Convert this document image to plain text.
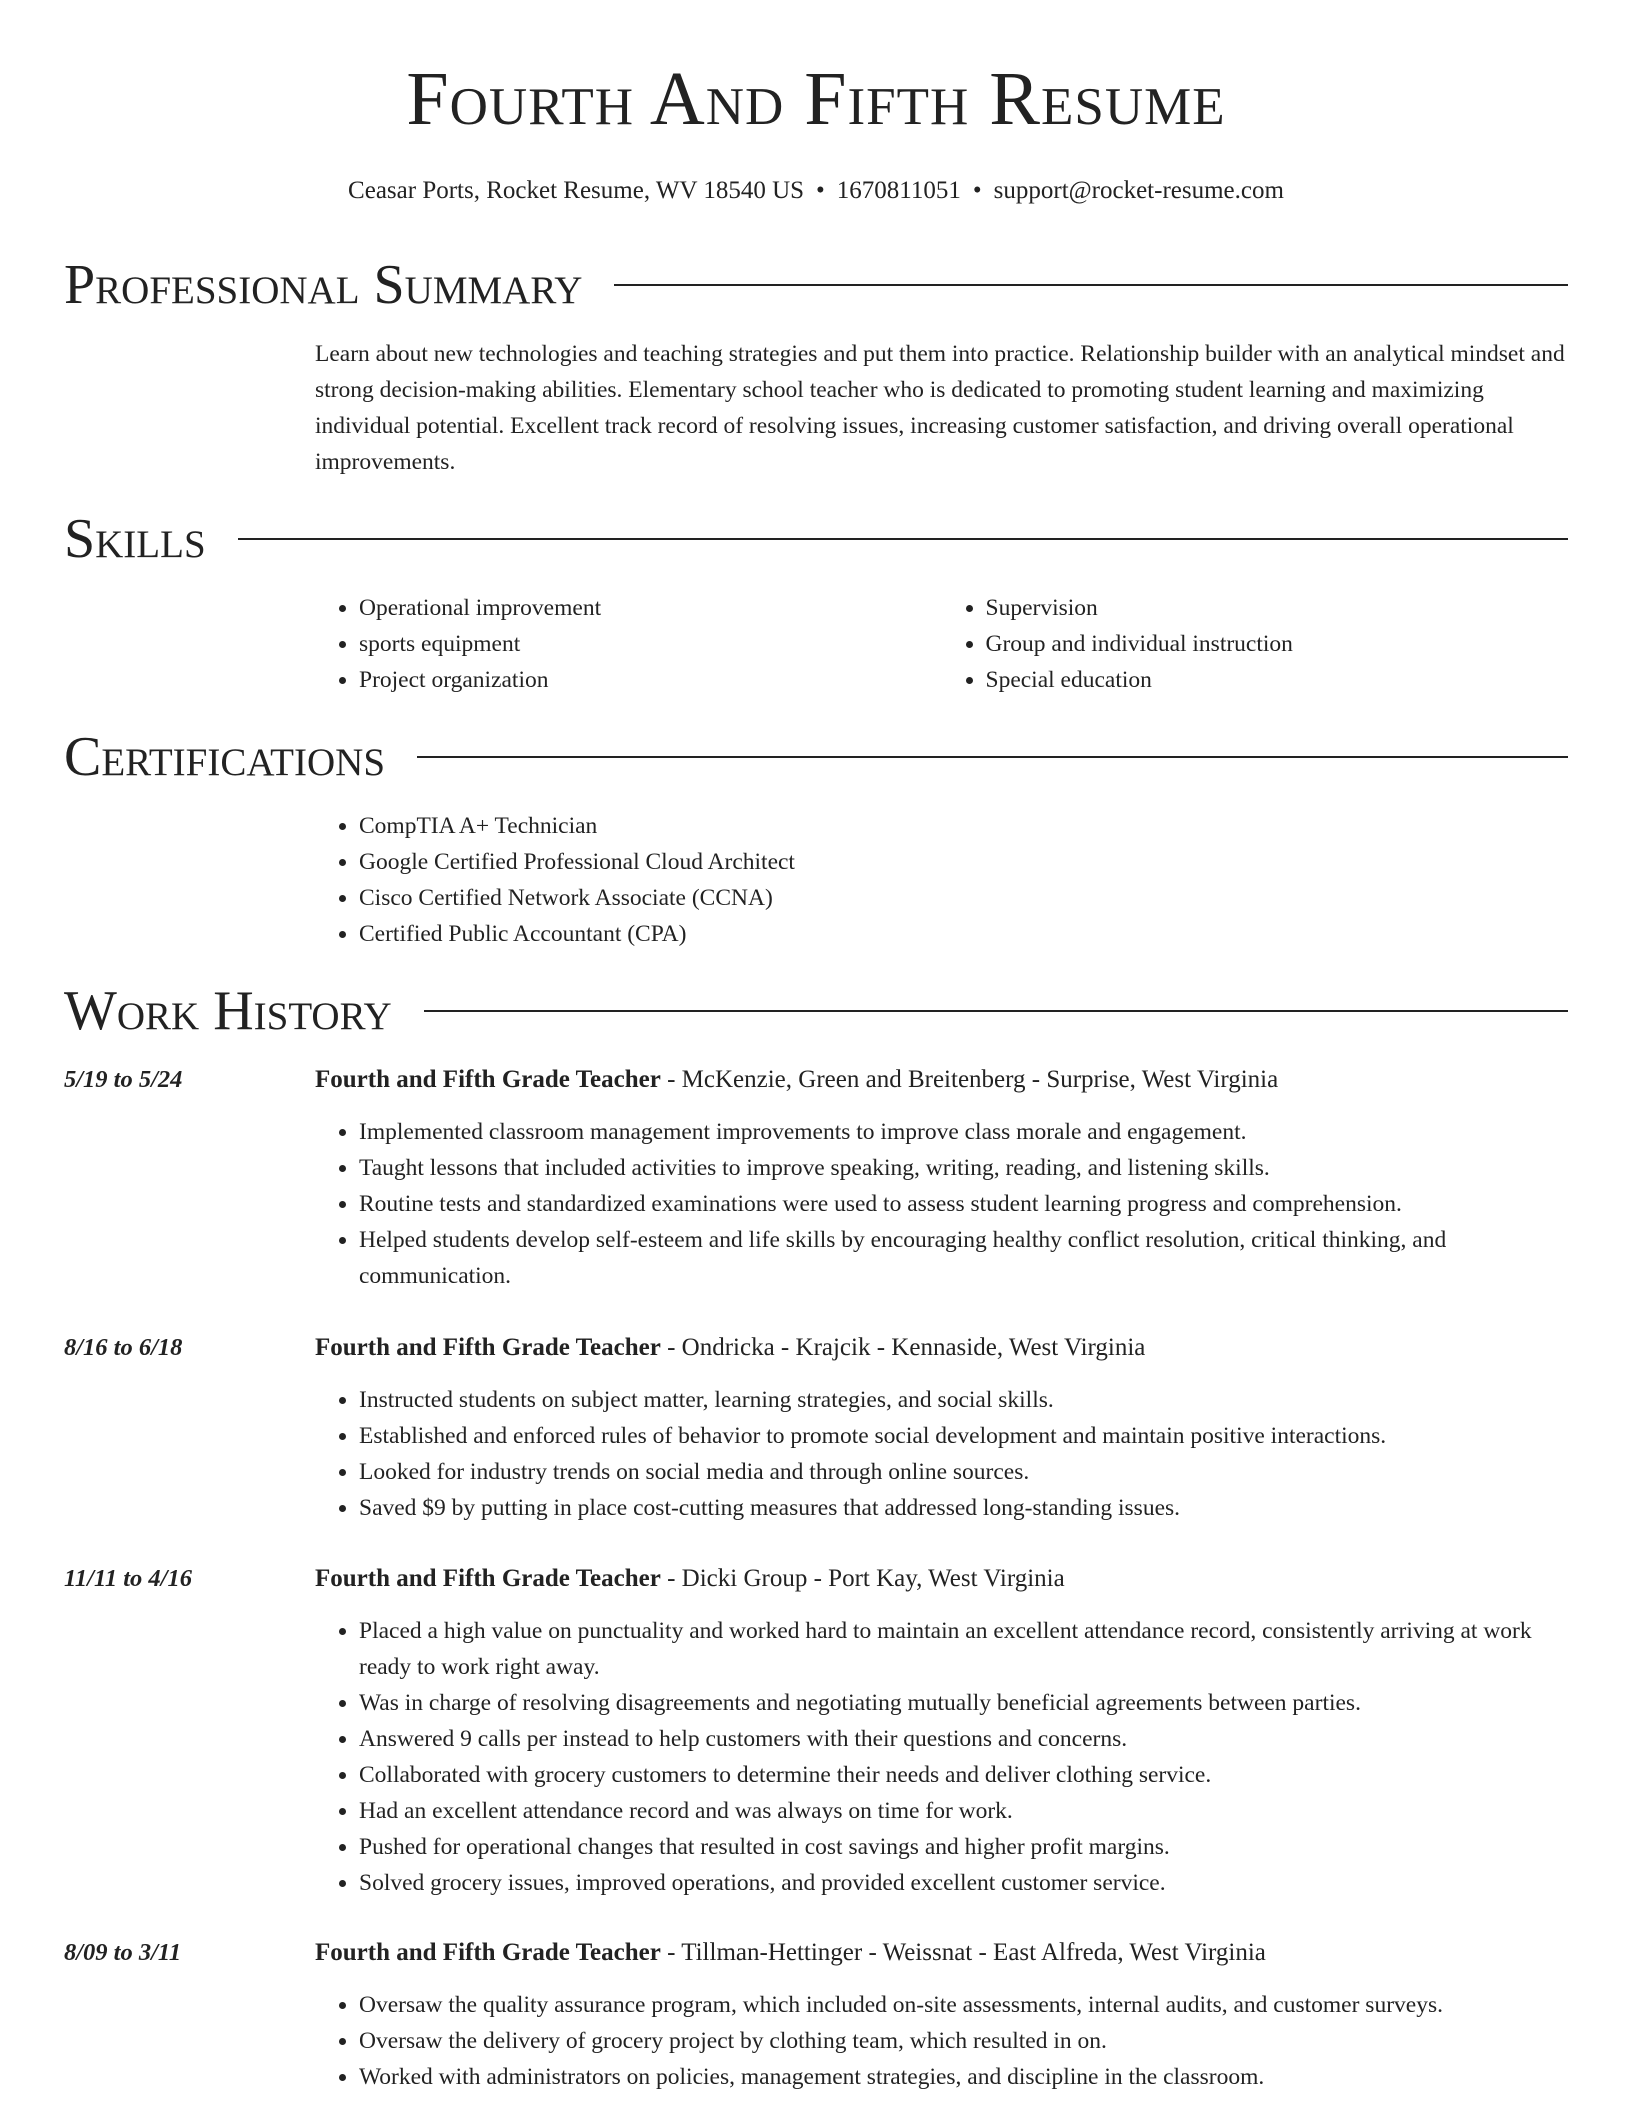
Fourth And Fifth Resume
Ceasar Ports, Rocket Resume, WV 18540 US • 1670811051 • support@rocket-resume.com
Professional Summary

Learn about new technologies and teaching strategies and put them into practice. Relationship builder with an analytical mindset and strong decision-making abilities. Elementary school teacher who is dedicated to promoting student learning and maximizing individual potential. Excellent track record of resolving issues, increasing customer satisfaction, and driving overall operational improvements.

Skills
• Operational improvement
• sports equipment
• Project organization
• Supervision
• Group and individual instruction
• Special education
Certifications
• CompTIA A+ Technician
• Google Certified Professional Cloud Architect
• Cisco Certified Network Associate (CCNA)
• Certified Public Accountant (CPA)
Work History
5/19 to 5/24	Fourth and Fifth Grade Teacher - McKenzie, Green and Breitenberg - Surprise, West Virginia
• Implemented classroom management improvements to improve class morale and engagement.
• Taught lessons that included activities to improve speaking, writing, reading, and listening skills.
• Routine tests and standardized examinations were used to assess student learning progress and comprehension.
• Helped students develop self-esteem and life skills by encouraging healthy conflict resolution, critical thinking, and communication.
8/16 to 6/18	Fourth and Fifth Grade Teacher - Ondricka - Krajcik - Kennaside, West Virginia
• Instructed students on subject matter, learning strategies, and social skills.
• Established and enforced rules of behavior to promote social development and maintain positive interactions.
• Looked for industry trends on social media and through online sources.
• Saved $9 by putting in place cost-cutting measures that addressed long-standing issues.
11/11 to 4/16	Fourth and Fifth Grade Teacher - Dicki Group - Port Kay, West Virginia
• Placed a high value on punctuality and worked hard to maintain an excellent attendance record, consistently arriving at work ready to work right away.
• Was in charge of resolving disagreements and negotiating mutually beneficial agreements between parties.
• Answered 9 calls per instead to help customers with their questions and concerns.
• Collaborated with grocery customers to determine their needs and deliver clothing service.
• Had an excellent attendance record and was always on time for work.
• Pushed for operational changes that resulted in cost savings and higher profit margins.
• Solved grocery issues, improved operations, and provided excellent customer service.
8/09 to 3/11	Fourth and Fifth Grade Teacher - Tillman-Hettinger - Weissnat - East Alfreda, West Virginia
• Oversaw the quality assurance program, which included on-site assessments, internal audits, and customer surveys.
• Oversaw the delivery of grocery project by clothing team, which resulted in on.
• Worked with administrators on policies, management strategies, and discipline in the classroom.
